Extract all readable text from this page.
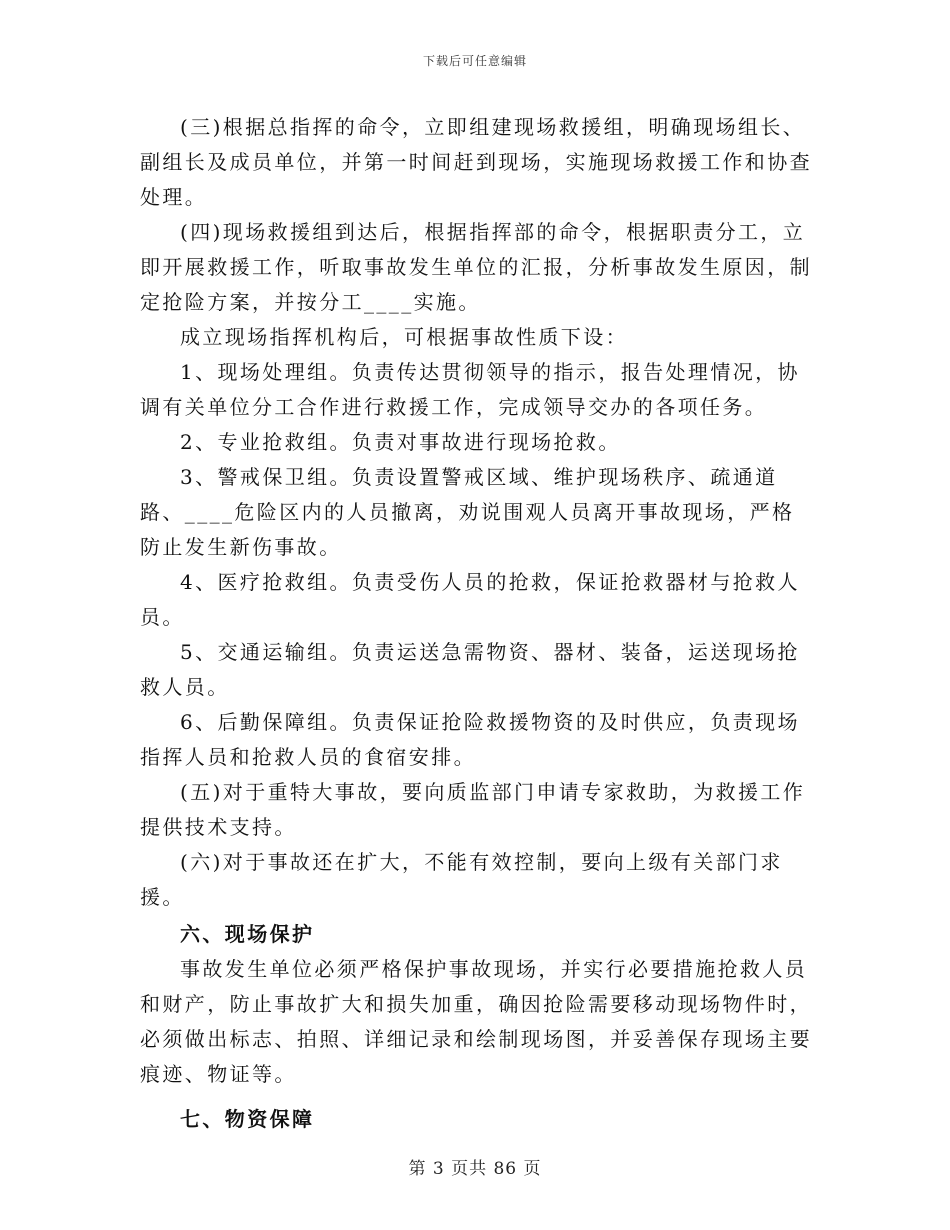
下载后可任意编辑

(三)根据总指挥的命令，立即组建现场救援组，明确现场组长、副组长及成员单位，并第一时间赶到现场，实施现场救援工作和协查处理。

(四)现场救援组到达后，根据指挥部的命令，根据职责分工，立即开展救援工作，听取事故发生单位的汇报，分析事故发生原因，制定抢险方案，并按分工____实施。

成立现场指挥机构后，可根据事故性质下设：

1、现场处理组。负责传达贯彻领导的指示，报告处理情况，协调有关单位分工合作进行救援工作，完成领导交办的各项任务。

2、专业抢救组。负责对事故进行现场抢救。

3、警戒保卫组。负责设置警戒区域、维护现场秩序、疏通道路、____危险区内的人员撤离，劝说围观人员离开事故现场，严格防止发生新伤事故。

4、医疗抢救组。负责受伤人员的抢救，保证抢救器材与抢救人员。

5、交通运输组。负责运送急需物资、器材、装备，运送现场抢救人员。

6、后勤保障组。负责保证抢险救援物资的及时供应，负责现场指挥人员和抢救人员的食宿安排。

(五)对于重特大事故，要向质监部门申请专家救助，为救援工作提供技术支持。

(六)对于事故还在扩大，不能有效控制，要向上级有关部门求援。

六、现场保护

事故发生单位必须严格保护事故现场，并实行必要措施抢救人员和财产，防止事故扩大和损失加重，确因抢险需要移动现场物件时，必须做出标志、拍照、详细记录和绘制现场图，并妥善保存现场主要痕迹、物证等。

七、物资保障

第 3 页共 86 页
